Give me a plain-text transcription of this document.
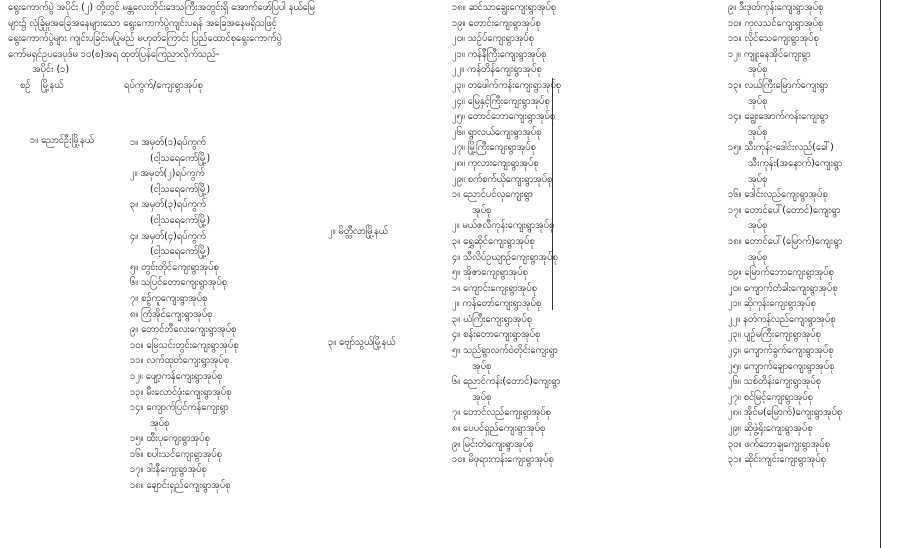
ရွေးကောက်ပွဲ အပိုင်း (၂) တို့တွင် မန္တလေးတိုင်းဒေသကြီးအတွင်းရှိ အောက်ဖော်ပြပါ နယ်မြေများ၌ လုံခြုံမှုအခြေအနေများသော ရွေးကောက်ပွဲကျင်းပရန် အခြေအနေမရှိသဖြင့် ရွေးကောက်ပွဲများ ကျင်းပခြင်းမပြုမည် မဟုတ်ကြောင်း ပြည်ထောင်စုရွေးကောက်ပွဲ ကော်မရှင်ဥပဒေပုဒ်မ ၁၀(စ)အရ ထုတ်ပြန်ကြေညာလိုက်သည်-
အပိုင်း (၁)
စဉ် မြို့နယ်	ရပ်ကွက်/ကျေးရွာအုပ်စု
၁။ ညောင်ဦးမြို့နယ်
၂။ မိတ္ထီလာမြို့နယ်
၃။ ဗျော်သွယ်မြို့နယ်
၁။ အမှတ်(၁)ရပ်ကွက်
(ငါ့သရေကော်မြို့)
၂။ အမှတ်(၂)ရပ်ကွက်
(ငါ့သရေကော်မြို့)
၃။ အမှတ်(၃)ရပ်ကွက်
(ငါ့သရေကော်မြို့)
၄။ အမှတ်(၄)ရပ်ကွက်
(ငါ့သရေကော်မြို့)
၅။ တွင်းတိုင်ကျေးရွာအုပ်စု
၆။ သပြင်တောကျေးရွာအုပ်စု
၇။ စဉ့်ကူကျေးရွာအုပ်စု
၈။ ကြံအိုင်ကျေးရွာအုပ်စု
၉။ တောင်ဘီလေးကျေးရွာအုပ်စု
၁၀။ မြေသင်းတွင်းကျေးရွာအုပ်စု
၁၁။ လက်ထုတ်ကျေးရွာအုပ်စု
၁၂။ ဖျော့ကန်ကျေးရွာအုပ်စု
၁၃။ မီးလောင်ဖုံးကျေးရွာအုပ်စု
၁၄။ ကျောက်ပြင်ကန်ကျေးရွာ
အုပ်စု
၁၅။ ထီးပုကျေးရွာအုပ်စု
၁၆။ စပါးသင်ကျေးရွာအုပ်စု
၁၇။ ဒါးနီကျေးရွာအုပ်စု
၁၈။ ချောင်းရှည်ကျေးရွာအုပ်စု
၁၈။ ဆင်သာချွေးကျေးရွာအုပ်စု
၁၉။ တောင်းကျေးရွာအုပ်စု
၂၀။ သဉ်ပ်ကျေးရွာအုပ်စု
၂၁။ ကန်နီကြီးကျေးရွာအုပ်စု
၂၂။ ကန်တိန်ကျေးရွာအုပ်စု
၂၃။ တဖေါက်ကန်းကျေးရွာအုပ်စု
၂၄။ မြေနှင့်ကြီးကျေးရွာအုပ်စု
၂၅။ တောင်ဘောကျေးရွာအုပ်စု
၂၆။ ရွာလယ်ကျေးရွာအုပ်စု
၂၇။ မြို့ကြီးကျေးရွာအုပ်စု
၂၈။ ကုလားကျေးရွာအုပ်စု
၂၉။ စက်စက်ယိုကျေးရွာအုပ်စု
၁။ ညောင်ပင်လှကျေးရွာ
အုပ်စု
၂။ မယ်ဇလီကုန်းကျေးရွာအုပ်စု
၃။ ရွှေဆိုင်ကျေးရွာအုပ်စု
၄။ သီလိပ်ဥယျာဉ်ကျေးရွာအုပ်စု
၅။ အိုဇာကျေးရွာအုပ်စု
၁။ ကျောင်းကျေးရွာအုပ်စု
၂။ ကန်တော်ကျေးရွာအုပ်စု
၃။ ဃံကြီးကျေးရွာအုပ်စု
၄။ စန်းတောကျေးရွာအုပ်စု
၅။ သည်ရွာလက်ဝဲတိုင်းကျေးရွာ
အုပ်စု
၆။ ညောင်ကန်း(တောင်)ကျေးရွာ
အုပ်စု
၇။ တောင်လည်ကျေးရွာအုပ်စု
၈။ ပေပင်ရှည်ကျေးရွာအုပ်စု
၉။ မြင်းတဲကျေးရွာအုပ်စု
၁၀။ မိဖုရားကန်းကျေးရွာအုပ်စု
၉။ ဒီးဒုတ်ကုန်းကျေးရွာအုပ်စု
၁၀။ ကုလသင်ကျေးရွာအုပ်စု
၁၁။ လိုင်သေကျေးရွာအုပ်စု
၁၂။ ကျူးနေအိုင်ကျေးရွာ
အုပ်စု
၁၃။ လယ်ကြီးမြောက်ကျေးရွာ
အုပ်စု
၁၄။ ချွေးအောက်ကန်းကျေးရွာ
အုပ်စု
၁၅။ သီးကုန်း-ဒေါင်းလည်(ခေါ်)
သီးကုန်း(အနောက်)ကျေးရွာ
အုပ်စု
၁၆။ ဒေါင်းလည်ကျေးရွာအုပ်စု
၁၇။ တောင်ပေါ်(တောင်)ကျေးရွာ
အုပ်စု
၁၈။ တောင်ပေါ်(မြောက်)ကျေးရွာ
အုပ်စု
၁၉။ မြောက်ဘောကျေးရွာအုပ်စု
၂၀။ ကျောက်တံခါးကျေးရွာအုပ်စု
၂၁။ ဆိုကုန်းကျေးရွာအုပ်စု
၂၂။ နတ်ကန်လည်ကျေးရွာအုပ်စု
၂၃။ ပျဉ်မကြီးကျေးရွာအုပ်စု
၂၄။ ကျောက်ခွက်ကျေးရွာအုပ်စု
၂၅။ ကျောက်ချောကျေးရွာအုပ်စု
၂၆။ သစ်တိန်းကျေးရွာအုပ်စု
၂၇။ စင်မြင့်ကျေးရွာအုပ်စု
၂၈။ အိုင်မ(မြောက်)ကျေးရွာအုပ်စု
၂၉။ ဆိုဖွဲ့ရိုးကျေးရွာအုပ်စု
၃၀။ ဖက်ဘောချကျေးရွာအုပ်စု
၃၁။ ဆိုင်းကျင်းကျေးရွာအုပ်စု
